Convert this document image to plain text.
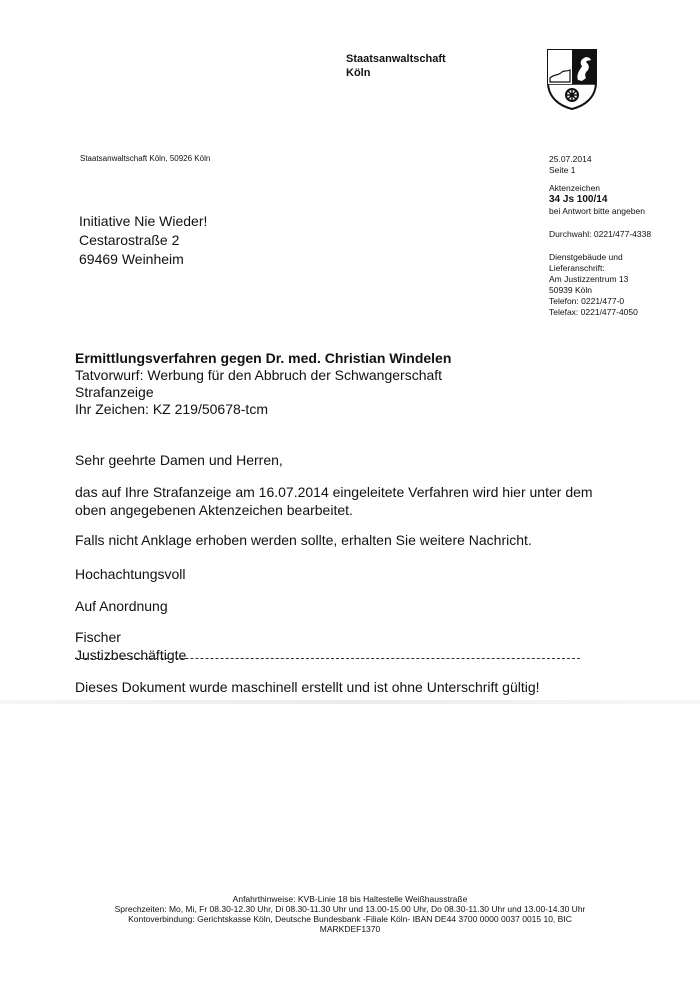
Staatsanwaltschaft
Köln
Staatsanwaltschaft Köln, 50926 Köln
Initiative Nie Wieder!
Cestarostraße 2
69469 Weinheim
25.07.2014
Seite 1
Aktenzeichen
34 Js 100/14
bei Antwort bitte angeben
Durchwahl: 0221/477-4338
Dienstgebäude und
Lieferanschrift:
Am Justizzentrum 13
50939 Köln
Telefon: 0221/477-0
Telefax: 0221/477-4050
Ermittlungsverfahren gegen Dr. med. Christian Windelen
Tatvorwurf: Werbung für den Abbruch der Schwangerschaft
Strafanzeige
Ihr Zeichen: KZ 219/50678-tcm
Sehr geehrte Damen und Herren,
das auf Ihre Strafanzeige am 16.07.2014 eingeleitete Verfahren wird hier unter dem
oben angegebenen Aktenzeichen bearbeitet.
Falls nicht Anklage erhoben werden sollte, erhalten Sie weitere Nachricht.
Hochachtungsvoll
Auf Anordnung
Fischer
Justizbeschäftigte
Dieses Dokument wurde maschinell erstellt und ist ohne Unterschrift gültig!
Anfahrthinweise: KVB-Linie 18 bis Haltestelle Weißhausstraße
Sprechzeiten: Mo, Mi, Fr 08.30-12.30 Uhr, Di 08.30-11.30 Uhr und 13.00-15.00 Uhr, Do 08.30-11.30 Uhr und 13.00-14.30 Uhr
Kontoverbindung: Gerichtskasse Köln, Deutsche Bundesbank -Filiale Köln- IBAN DE44 3700 0000 0037 0015 10, BIC
MARKDEF1370
